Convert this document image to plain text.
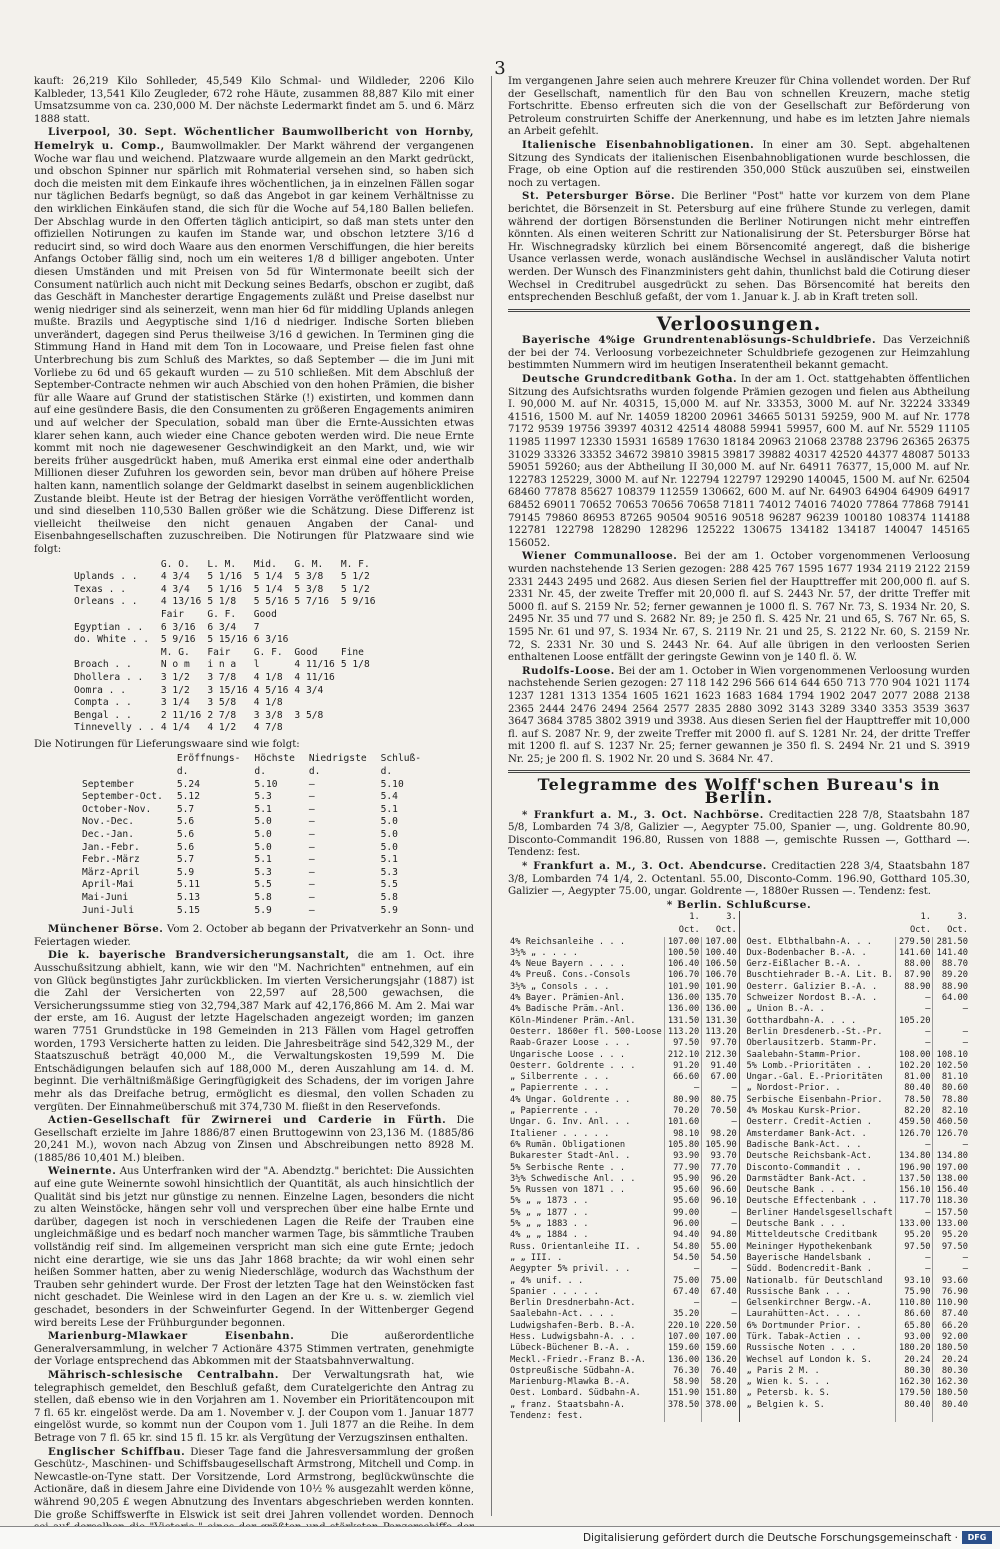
3

kauft: 26,219 Kilo Sohlleder, 45,549 Kilo Schmal- und Wildleder, 2206 Kilo Kalbleder, 13,541 Kilo Zeugleder, 672 rohe Häute, zusammen 88,887 Kilo mit einer Umsatzsumme von ca. 230,000 M. Der nächste Ledermarkt findet am 5. und 6. März 1888 statt.

Liverpool, 30. Sept. Wöchentlicher Baumwollbericht von Hornby, Hemelryk u. Comp., Baumwollmakler. Der Markt während der vergangenen Woche war flau und weichend. Platzwaare wurde allgemein an den Markt gedrückt, und obschon Spinner nur spärlich mit Rohmaterial versehen sind, so haben sich doch die meisten mit dem Einkaufe ihres wöchentlichen, ja in einzelnen Fällen sogar nur täglichen Bedarfs begnügt, so daß das Angebot in gar keinem Verhältnisse zu den wirklichen Einkäufen stand, die sich für die Woche auf 54,180 Ballen beliefen. Der Abschlag wurde in den Offerten täglich anticipirt, so daß man stets unter den offiziellen Notirungen zu kaufen im Stande war, und obschon letztere 3/16 d reducirt sind, so wird doch Waare aus den enormen Verschiffungen, die hier bereits Anfangs October fällig sind, noch um ein weiteres 1/8 d billiger angeboten. Unter diesen Umständen und mit Preisen von 5d für Wintermonate beeilt sich der Consument natürlich auch nicht mit Deckung seines Bedarfs, obschon er zugibt, daß das Geschäft in Manchester derartige Engagements zuläßt und Preise daselbst nur wenig niedriger sind als seinerzeit, wenn man hier 6d für middling Uplands anlegen mußte. Brazils und Aegyptische sind 1/16 d niedriger. Indische Sorten blieben unverändert, dagegen sind Perus theilweise 3/16 d gewichen. In Terminen ging die Stimmung Hand in Hand mit dem Ton in Locowaare, und Preise fielen fast ohne Unterbrechung bis zum Schluß des Marktes, so daß September — die im Juni mit Vorliebe zu 6d und 65 gekauft wurden — zu 510 schließen. Mit dem Abschluß der September-Contracte nehmen wir auch Abschied von den hohen Prämien, die bisher für alle Waare auf Grund der statistischen Stärke (!) existirten, und kommen dann auf eine gesündere Basis, die den Consumenten zu größeren Engagements animiren und auf welcher der Speculation, sobald man über die Ernte-Aussichten etwas klarer sehen kann, auch wieder eine Chance geboten werden wird. Die neue Ernte kommt mit noch nie dagewesener Geschwindigkeit an den Markt, und, wie wir bereits früher ausgedrückt haben, muß Amerika erst einmal eine oder anderthalb Millionen dieser Zufuhren los geworden sein, bevor man drüben auf höhere Preise halten kann, namentlich solange der Geldmarkt daselbst in seinem augenblicklichen Zustande bleibt. Heute ist der Betrag der hiesigen Vorräthe veröffentlicht worden, und sind dieselben 110,530 Ballen größer wie die Schätzung. Diese Differenz ist vielleicht theilweise den nicht genauen Angaben der Canal- und Eisenbahngesellschaften zuzuschreiben. Die Notirungen für Platzwaare sind wie folgt:

	G. O.	L. M.	Mid.	G. M.	M. F.
Uplands . .	4 3/4	5 1/16	5 1/4	5 3/8	5 1/2
Texas . .	4 3/4	5 1/16	5 1/4	5 3/8	5 1/2
Orleans . .	4 13/16	5 1/8	5 5/16	5 7/16	5 9/16
	Fair	G. F.	Good		
Egyptian . .	6 3/16	6 3/4	7		
do. White . .	5 9/16	5 15/16	6 3/16		
	M. G.	Fair	G. F.	Good	Fine
Broach . .	N o m	i n a	l	4 11/16	5 1/8
Dhollera . .	3 1/2	3 7/8	4 1/8	4 11/16	
Oomra . .	3 1/2	3 15/16	4 5/16	4 3/4	
Compta . .	3 1/4	3 5/8	4 1/8		
Bengal . .	2 11/16	2 7/8	3 3/8	3 5/8	
Tinnevelly . .	4 1/4	4 1/2	4 7/8		

Die Notirungen für Lieferungswaare sind wie folgt:

	Eröffnungs-	Höchste	Niedrigste	Schluß-
	d.	d.	d.	d.
September	5.24	5.10	—	5.10
September-Oct.	5.12	5.3	—	5.4
October-Nov.	5.7	5.1	—	5.1
Nov.-Dec.	5.6	5.0	—	5.0
Dec.-Jan.	5.6	5.0	—	5.0
Jan.-Febr.	5.6	5.0	—	5.0
Febr.-März	5.7	5.1	—	5.1
März-April	5.9	5.3	—	5.3
April-Mai	5.11	5.5	—	5.5
Mai-Juni	5.13	5.8	—	5.8
Juni-Juli	5.15	5.9	—	5.9

Münchener Börse. Vom 2. October ab begann der Privatverkehr an Sonn- und Feiertagen wieder.

Die k. bayerische Brandversicherungsanstalt, die am 1. Oct. ihre Ausschußsitzung abhielt, kann, wie wir den "M. Nachrichten" entnehmen, auf ein von Glück begünstigtes Jahr zurückblicken. Im vierten Versicherungsjahr (1887) ist die Zahl der Versicherten von 22,597 auf 28,500 gewachsen, die Versicherungssumme stieg von 32,794,387 Mark auf 42,176,866 M. Am 2. Mai war der erste, am 16. August der letzte Hagelschaden angezeigt worden; im ganzen waren 7751 Grundstücke in 198 Gemeinden in 213 Fällen vom Hagel getroffen worden, 1793 Versicherte hatten zu leiden. Die Jahresbeiträge sind 542,329 M., der Staatszuschuß beträgt 40,000 M., die Verwaltungskosten 19,599 M. Die Entschädigungen belaufen sich auf 188,000 M., deren Auszahlung am 14. d. M. beginnt. Die verhältnißmäßige Geringfügigkeit des Schadens, der im vorigen Jahre mehr als das Dreifache betrug, ermöglicht es diesmal, den vollen Schaden zu vergüten. Der Einnahmeüberschuß mit 374,730 M. fließt in den Reservefonds.

Actien-Gesellschaft für Zwirnerei und Carderie in Fürth. Die Gesellschaft erzielte im Jahre 1886/87 einen Bruttogewinn von 23,136 M. (1885/86 20,241 M.), wovon nach Abzug von Zinsen und Abschreibungen netto 8928 M. (1885/86 10,401 M.) bleiben.

Weinernte. Aus Unterfranken wird der "A. Abendztg." berichtet: Die Aussichten auf eine gute Weinernte sowohl hinsichtlich der Quantität, als auch hinsichtlich der Qualität sind bis jetzt nur günstige zu nennen. Einzelne Lagen, besonders die nicht zu alten Weinstöcke, hängen sehr voll und versprechen über eine halbe Ernte und darüber, dagegen ist noch in verschiedenen Lagen die Reife der Trauben eine ungleichmäßige und es bedarf noch mancher warmen Tage, bis sämmtliche Trauben vollständig reif sind. Im allgemeinen verspricht man sich eine gute Ernte; jedoch nicht eine derartige, wie sie uns das Jahr 1868 brachte; da wir wohl einen sehr heißen Sommer hatten, aber zu wenig Niederschläge, wodurch das Wachsthum der Trauben sehr gehindert wurde. Der Frost der letzten Tage hat den Weinstöcken fast nicht geschadet. Die Weinlese wird in den Lagen an der Kre u. s. w. ziemlich viel geschadet, besonders in der Schweinfurter Gegend. In der Wittenberger Gegend wird bereits Lese der Frühburgunder begonnen.

Marienburg-Mlawkaer Eisenbahn.	Die außerordentliche Generalversammlung, in welcher 7 Actionäre 4375 Stimmen vertraten, genehmigte der Vorlage entsprechend das Abkommen mit der Staatsbahnverwaltung.

Mährisch-schlesische Centralbahn. Der Verwaltungsrath hat, wie telegraphisch gemeldet, den Beschluß gefaßt, dem Curatelgerichte den Antrag zu stellen, daß ebenso wie in den Vorjahren am 1. November ein Prioritätencoupon mit 7 fl. 65 kr. eingelöst werde. Da am 1. November v. J. der Coupon vom 1. Januar 1877 eingelöst wurde, so kommt nun der Coupon vom 1. Juli 1877 an die Reihe. In dem Betrage von 7 fl. 65 kr. sind 15 fl. 15 kr. als Vergütung der Verzugszinsen enthalten.

Englischer Schiffbau. Dieser Tage fand die Jahresversammlung der großen Geschütz-, Maschinen- und Schiffsbaugesellschaft Armstrong, Mitchell und Comp. in Newcastle-on-Tyne statt. Der Vorsitzende, Lord Armstrong, beglückwünschte die Actionäre, daß in diesem Jahre eine Dividende von 10½ % ausgezahlt werden könne, während 90,205 £ wegen Abnutzung des Inventars abgeschrieben werden konnten. Die große Schiffswerfte in Elswick ist seit drei Jahren vollendet worden. Dennoch

Im vergangenen Jahre seien auch mehrere Kreuzer für China vollendet worden. Der Ruf der Gesellschaft, namentlich für den Bau von schnellen Kreuzern, mache stetig Fortschritte. Ebenso erfreuten sich die von der Gesellschaft zur Beförderung von Petroleum construirten Schiffe der Anerkennung, und habe es im letzten Jahre niemals an Arbeit gefehlt.

Italienische Eisenbahnobligationen. In einer am 30. Sept. abgehaltenen Sitzung des Syndicats der italienischen Eisenbahnobligationen wurde beschlossen, die Frage, ob eine Option auf die restirenden 350,000 Stück auszuüben sei, einstweilen noch zu vertagen.

St. Petersburger Börse. Die Berliner "Post" hatte vor kurzem von dem Plane berichtet, die Börsenzeit in St. Petersburg auf eine frühere Stunde zu verlegen, damit während der dortigen Börsenstunden die Berliner Notirungen nicht mehr eintreffen könnten. Als einen weiteren Schritt zur Nationalisirung der St. Petersburger Börse hat Hr. Wischnegradsky kürzlich bei einem Börsencomité angeregt, daß die bisherige Usance verlassen werde, wonach ausländische Wechsel in ausländischer Valuta notirt werden. Der Wunsch des Finanzministers geht dahin, thunlichst bald die Cotirung dieser Wechsel in Creditrubel ausgedrückt zu sehen. Das Börsencomité hat bereits den entsprechenden Beschluß gefaßt, der vom 1. Januar k. J. ab in Kraft treten soll.

Verloosungen.

Bayerische 4%ige Grundrentenablösungs-Schuldbriefe. Das Verzeichniß der bei der 74. Verloosung vorbezeichneter Schuldbriefe gezogenen zur Heimzahlung bestimmten Nummern wird im heutigen Inseratentheil bekannt gemacht.

Deutsche Grundcreditbank Gotha. In der am 1. Oct. stattgehabten öffentlichen Sitzung des Aufsichtsraths wurden folgende Prämien gezogen und fielen aus Abtheilung I. 90,000 M. auf Nr. 40315, 15,000 M. auf Nr. 33353, 3000 M. auf Nr. 32224 33349 41516, 1500 M. auf Nr. 14059 18200 20961 34665 50131 59259, 900 M. auf Nr. 1778 7172 9539 19756 39397 40312 42514 48088 59941 59957, 600 M. auf Nr. 5529 11105 11985 11997 12330 15931 16589 17630 18184 20963 21068 23788 23796 26365 26375 31029 33326 33352 34672 39810 39815 39817 39882 40317 42520 44377 48087 50133 59051 59260; aus der Abtheilung II 30,000 M. auf Nr. 64911 76377, 15,000 M. auf Nr. 122783 125229, 3000 M. auf Nr. 122794 122797 129290 140045, 1500 M. auf Nr. 62504 68460 77878 85627 108379 112559 130662, 600 M. auf Nr. 64903 64904 64909 64917 68452 69011 70652 70653 70656 70658 71811 74012 74016 74020 77864 77868 79141 79145 79860 86953 87265 90504 90516 90518 96287 96239 100180 108374 114188 122781 122798 128290 128296 125222 130675 134182 134187 140047 145165 156052.

Wiener Communalloose. Bei der am 1. October vorgenommenen Verloosung wurden nachstehende 13 Serien gezogen: 288 425 767 1595 1677 1934 2119 2122 2159 2331 2443 2495 und 2682. Aus diesen Serien fiel der Haupttreffer mit 200,000 fl. auf S. 2331 Nr. 45, der zweite Treffer mit 20,000 fl. auf S. 2443 Nr. 57, der dritte Treffer mit 5000 fl. auf S. 2159 Nr. 52; ferner gewannen je 1000 fl. S. 767 Nr. 73, S. 1934 Nr. 20, S. 2495 Nr. 35 und 77 und S. 2682 Nr. 89; je 250 fl. S. 425 Nr. 21 und 65, S. 767 Nr. 65, S. 1595 Nr. 61 und 97, S. 1934 Nr. 67, S. 2119 Nr. 21 und 25, S. 2122 Nr. 60, S. 2159 Nr. 72, S. 2331 Nr. 30 und S. 2443 Nr. 64. Auf alle übrigen in den verloosten Serien enthaltenen Loose entfällt der geringste Gewinn von je 140 fl. ö. W.

Rudolfs-Loose. Bei der am 1. October in Wien vorgenommenen Verloosung wurden nachstehende Serien gezogen: 27 118 142 296 566 614 644 650 713 770 904 1021 1174 1237 1281 1313 1354 1605 1621 1623 1683 1684 1794 1902 2047 2077 2088 2138 2365 2444 2476 2494 2564 2577 2835 2880 3092 3143 3289 3340 3353 3539 3637 3647 3684 3785 3802 3919 und 3938. Aus diesen Serien fiel der Haupttreffer mit 10,000 fl. auf S. 2087 Nr. 9, der zweite Treffer mit 2000 fl. auf S. 1281 Nr. 24, der dritte Treffer mit 1200 fl. auf S. 1237 Nr. 25; ferner gewannen je 350 fl. S. 2494 Nr. 21 und S. 3919 Nr. 25; je 200 fl. S. 1902 Nr. 20 und S. 3684 Nr. 47.

Telegramme des Wolff'schen Bureau's in Berlin.

* Frankfurt a. M., 3. Oct. Nachbörse. Creditactien 228 7/8, Staatsbahn 187 5/8, Lombarden 74 3/8, Galizier —, Aegypter 75.00, Spanier —, ung. Goldrente 80.90, Disconto-Commandit 196.80, Russen von 1888 —, gemischte Russen —, Gotthard —. Tendenz: fest.

* Frankfurt a. M., 3. Oct. Abendcurse. Creditactien 228 3/4, Staatsbahn 187 3/8, Lombarden 74 1/4, 2. Octentanl. 55.00, Disconto-Comm. 196.90, Gotthard 105.30, Galizier —, Aegypter 75.00, ungar. Goldrente —, 1880er Russen —. Tendenz: fest.

* Berlin. Schlußcurse.
	1. Oct.	3. Oct.			1. Oct.	3. Oct.
4% Reichsanleihe . . .	107.00	107.00		Oest. Elbthalbahn-A. . .	279.50	281.50
3½% „ . . . .	100.50	100.40		Dux-Bodenbacher B.-A. .	141.60	141.40
4% Neue Bayern . . . .	106.40	106.50		Gerz-Eißlacher B.-A. .	88.00	88.70
4% Preuß. Cons.-Consols	106.70	106.70		Buschtiehrader B.-A. Lit. B.	87.90	89.20
3½% „ Consols . . .	101.90	101.90		Oesterr. Galizier B.-A. .	88.90	88.90
4% Bayer. Prämien-Anl.	136.00	135.70		Schweizer Nordost B.-A. .	—	64.00
4% Badische Präm.-Anl.	136.00	136.00		„ Union B.-A. .	—	—
Köln-Mindener Präm.-Anl.	131.50	131.30		Gotthardbahn-A. . . .	105.20	
Oesterr. 1860er fl. 500-Loose	113.20	113.20		Berlin Dresdenerb.-St.-Pr.	—	—
Raab-Grazer Loose . . .	97.50	97.70		Oberlausitzerb. Stamm-Pr.	—	—
Ungarische Loose . . .	212.10	212.30		Saalebahn-Stamm-Prior.	108.00	108.10
Oesterr. Goldrente . . .	91.20	91.40		5% Lomb.-Prioritäten . .	102.20	102.50
„ Silberrente . . .	66.60	67.00		Ungar.-Gal. E.-Prioritäten	81.00	81.10
„ Papierrente . . .	—	—		„ Nordost-Prior. .	80.40	80.60
4% Ungar. Goldrente . .	80.90	80.75		Serbische Eisenbahn-Prior.	78.50	78.80
„ Papierrente . .	70.20	70.50		4% Moskau Kursk-Prior.	82.20	82.10
Ungar. G. Inv. Anl. . .	101.60	—		Oesterr. Credit-Actien .	459.50	460.50
Italiener . . . . .	98.10	98.20		Amsterdamer Bank-Act. .	126.70	126.70
6% Rumän. Obligationen	105.80	105.90		Badische Bank-Act. . .	—	—
Bukarester Stadt-Anl. .	93.90	93.70		Deutsche Reichsbank-Act.	134.80	134.80
5% Serbische Rente . .	77.90	77.70		Disconto-Commandit . .	196.90	197.00
3½% Schwedische Anl. . .	95.90	96.20		Darmstädter Bank-Act. .	137.50	138.00
5% Russen von 1871 . .	95.60	96.60		Deutsche Bank . . .	156.10	156.40
5% „ „ 1873 . .	95.60	96.10		Deutsche Effectenbank . .	117.70	118.30
5% „ „ 1877 . .	99.00	—		Berliner Handelsgesellschaft	—	157.50
5% „ „ 1883 . .	96.00	—		Deutsche Bank . . .	133.00	133.00
4% „ „ 1884 . .	94.40	94.80		Mitteldeutsche Creditbank	95.20	95.20
Russ. Orientanleihe II. .	54.80	55.00		Meininger Hypothekenbank	97.50	97.50
„ „ III. .	54.50	54.50		Bayerische Handelsbank .	—	—
Aegypter 5% privil. . .	—	—		Südd. Bodencredit-Bank .	—	—
„ 4% unif. . .	75.00	75.00		Nationalb. für Deutschland	93.10	93.60
Spanier . . . . .	67.40	67.40		Russische Bank . . .	75.90	76.90
Berlin Dresdnerbahn-Act.	—	—		Gelsenkirchner Bergw.-A.	110.80	110.90
Saalebahn-Act. . . .	35.20	—		Laurahütten-Act. . . .	86.60	87.40
Ludwigshafen-Berb. B.-A.	220.10	220.50		6% Dortmunder Prior. .	65.80	66.20
Hess. Ludwigsbahn-A. . .	107.00	107.00		Türk. Tabak-Actien . .	93.00	92.00
Lübeck-Büchener B.-A. .	159.60	159.60		Russische Noten . . .	180.20	180.50
Meckl.-Friedr.-Franz B.-A.	136.00	136.20		Wechsel auf London k. S.	20.24	20.24
Ostpreußische Südbahn-A.	76.30	76.40		„ Paris 2 M. .	80.30	80.30
Marienburg-Mlawka B.-A.	58.90	58.20		„ Wien k. S. . .	162.30	162.30
Oest. Lombard. Südbahn-A.	151.90	151.80		„ Petersb. k. S.	179.50	180.50
„ franz. Staatsbahn-A.	378.50	378.00		„ Belgien k. S.	80.40	80.40
Tendenz: fest.						
Digitalisierung gefördert durch die Deutsche Forschungsgemeinschaft ·	DFG
